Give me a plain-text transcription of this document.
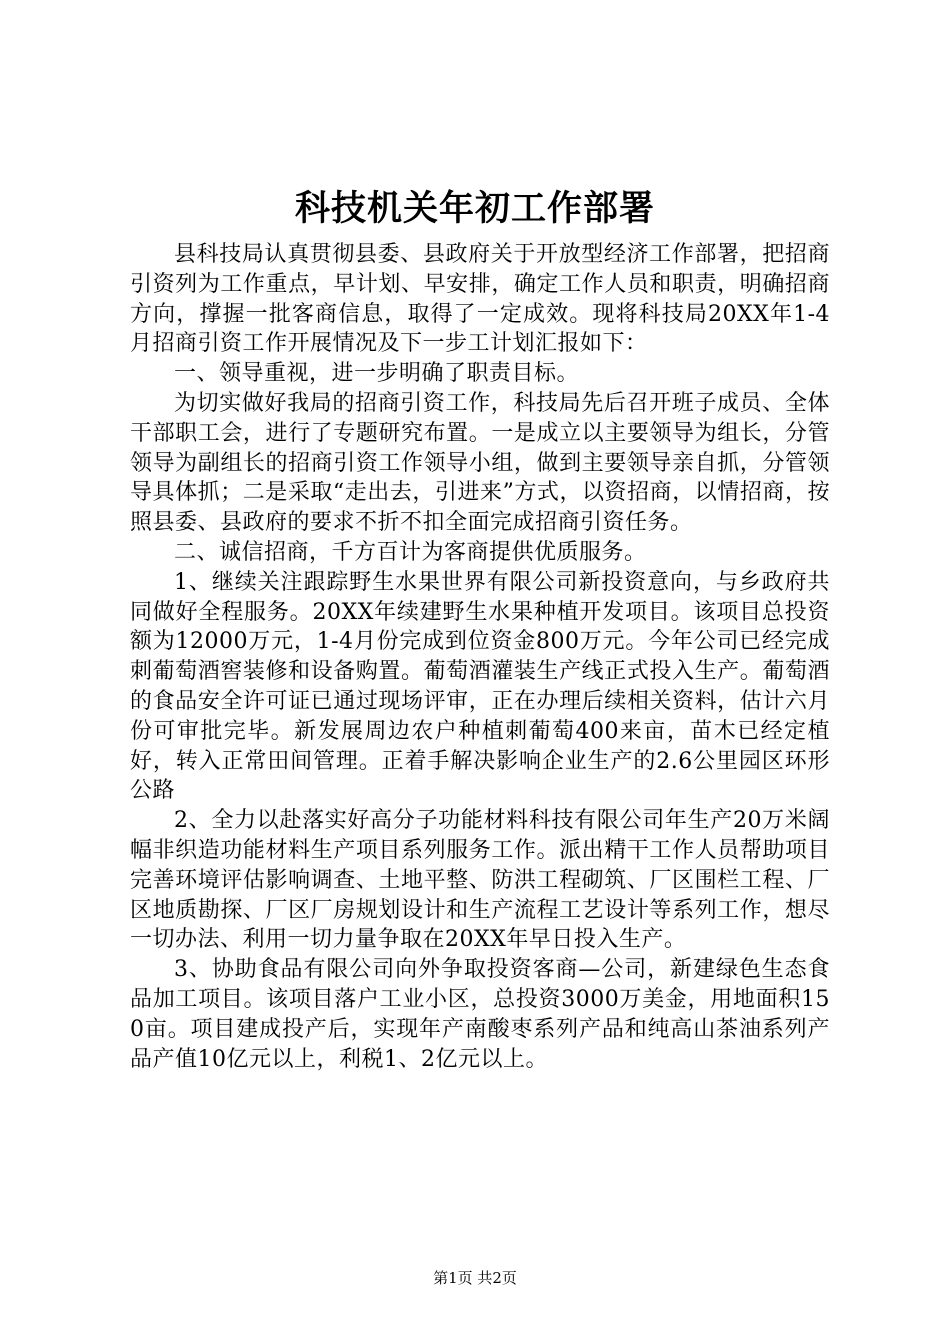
科技机关年初工作部署

县科技局认真贯彻县委、县政府关于开放型经济工作部署，把招商引资列为工作重点，早计划、早安排，确定工作人员和职责，明确招商方向，撑握一批客商信息，取得了一定成效。现将科技局20XX年1-4月招商引资工作开展情况及下一步工计划汇报如下：

一、领导重视，进一步明确了职责目标。

为切实做好我局的招商引资工作，科技局先后召开班子成员、全体干部职工会，进行了专题研究布置。一是成立以主要领导为组长，分管领导为副组长的招商引资工作领导小组，做到主要领导亲自抓，分管领导具体抓；二是采取“走出去，引进来”方式，以资招商，以情招商，按照县委、县政府的要求不折不扣全面完成招商引资任务。

二、诚信招商，千方百计为客商提供优质服务。

1、继续关注跟踪野生水果世界有限公司新投资意向，与乡政府共同做好全程服务。20XX年续建野生水果种植开发项目。该项目总投资额为12000万元，1-4月份完成到位资金800万元。今年公司已经完成刺葡萄酒窖装修和设备购置。葡萄酒灌装生产线正式投入生产。葡萄酒的食品安全许可证已通过现场评审，正在办理后续相关资料，估计六月份可审批完毕。新发展周边农户种植刺葡萄400来亩，苗木已经定植好，转入正常田间管理。正着手解决影响企业生产的2.6公里园区环形公路

2、全力以赴落实好高分子功能材料科技有限公司年生产20万米阔幅非织造功能材料生产项目系列服务工作。派出精干工作人员帮助项目完善环境评估影响调查、土地平整、防洪工程砌筑、厂区围栏工程、厂区地质勘探、厂区厂房规划设计和生产流程工艺设计等系列工作，想尽一切办法、利用一切力量争取在20XX年早日投入生产。

3、协助食品有限公司向外争取投资客商—公司，新建绿色生态食品加工项目。该项目落户工业小区，总投资3000万美金，用地面积150亩。项目建成投产后，实现年产南酸枣系列产品和纯高山茶油系列产品产值10亿元以上，利税1、2亿元以上。

第1页 共2页
